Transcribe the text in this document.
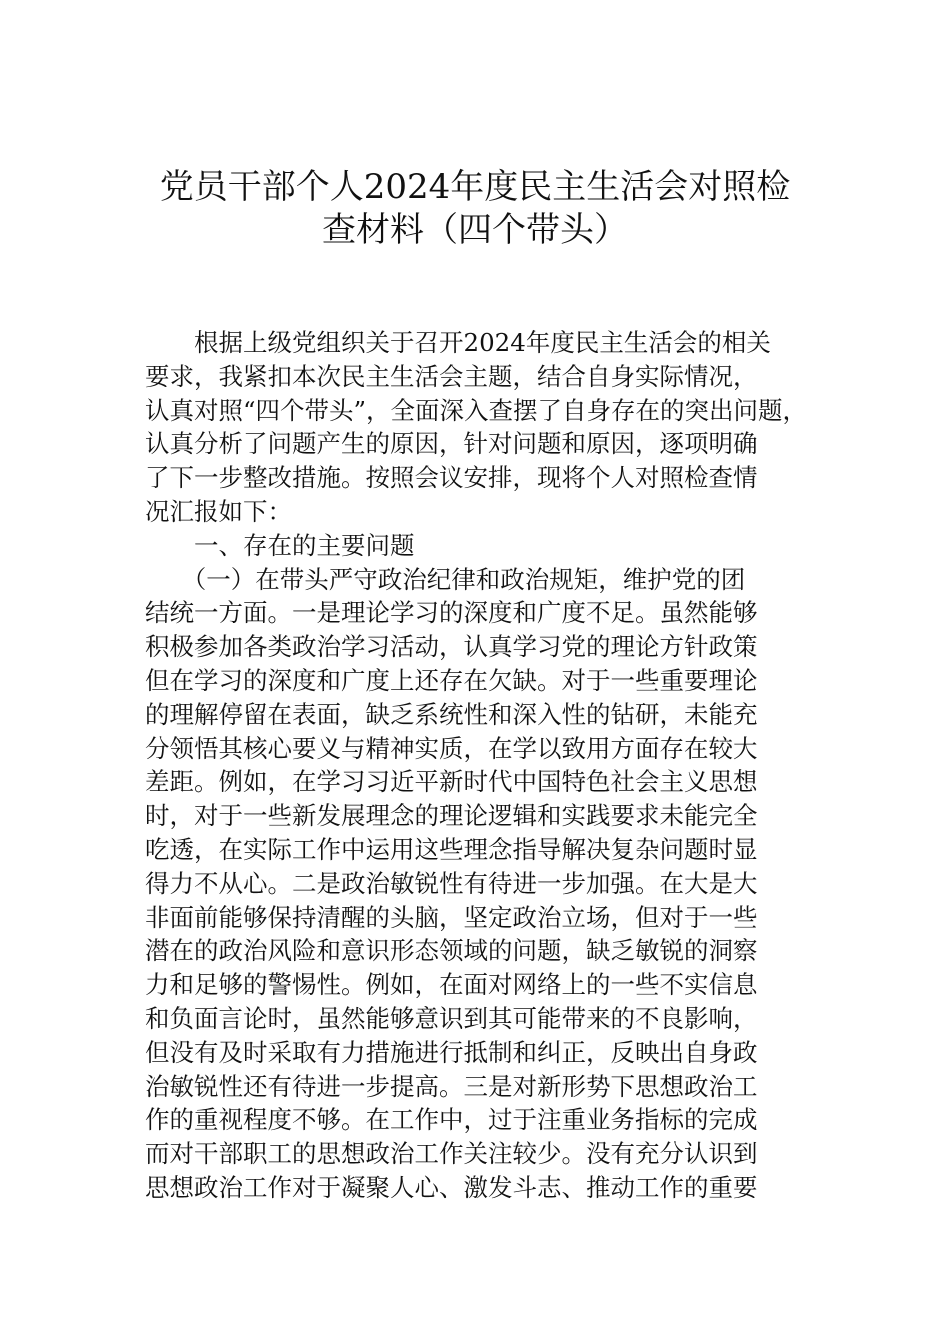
党员干部个人2024年度民主生活会对照检
查材料（四个带头）
　　根据上级党组织关于召开2024年度民主生活会的相关
要求，我紧扣本次民主生活会主题，结合自身实际情况，
认真对照“四个带头”，全面深入查摆了自身存在的突出问题，
认真分析了问题产生的原因，针对问题和原因，逐项明确
了下一步整改措施。按照会议安排，现将个人对照检查情
况汇报如下：
　　一、存在的主要问题
　　（一）在带头严守政治纪律和政治规矩，维护党的团
结统一方面。一是理论学习的深度和广度不足。虽然能够
积极参加各类政治学习活动，认真学习党的理论方针政策
但在学习的深度和广度上还存在欠缺。对于一些重要理论
的理解停留在表面，缺乏系统性和深入性的钻研，未能充
分领悟其核心要义与精神实质，在学以致用方面存在较大
差距。例如，在学习习近平新时代中国特色社会主义思想
时，对于一些新发展理念的理论逻辑和实践要求未能完全
吃透，在实际工作中运用这些理念指导解决复杂问题时显
得力不从心。二是政治敏锐性有待进一步加强。在大是大
非面前能够保持清醒的头脑，坚定政治立场，但对于一些
潜在的政治风险和意识形态领域的问题，缺乏敏锐的洞察
力和足够的警惕性。例如，在面对网络上的一些不实信息
和负面言论时，虽然能够意识到其可能带来的不良影响，
但没有及时采取有力措施进行抵制和纠正，反映出自身政
治敏锐性还有待进一步提高。三是对新形势下思想政治工
作的重视程度不够。在工作中，过于注重业务指标的完成
而对干部职工的思想政治工作关注较少。没有充分认识到
思想政治工作对于凝聚人心、激发斗志、推动工作的重要
